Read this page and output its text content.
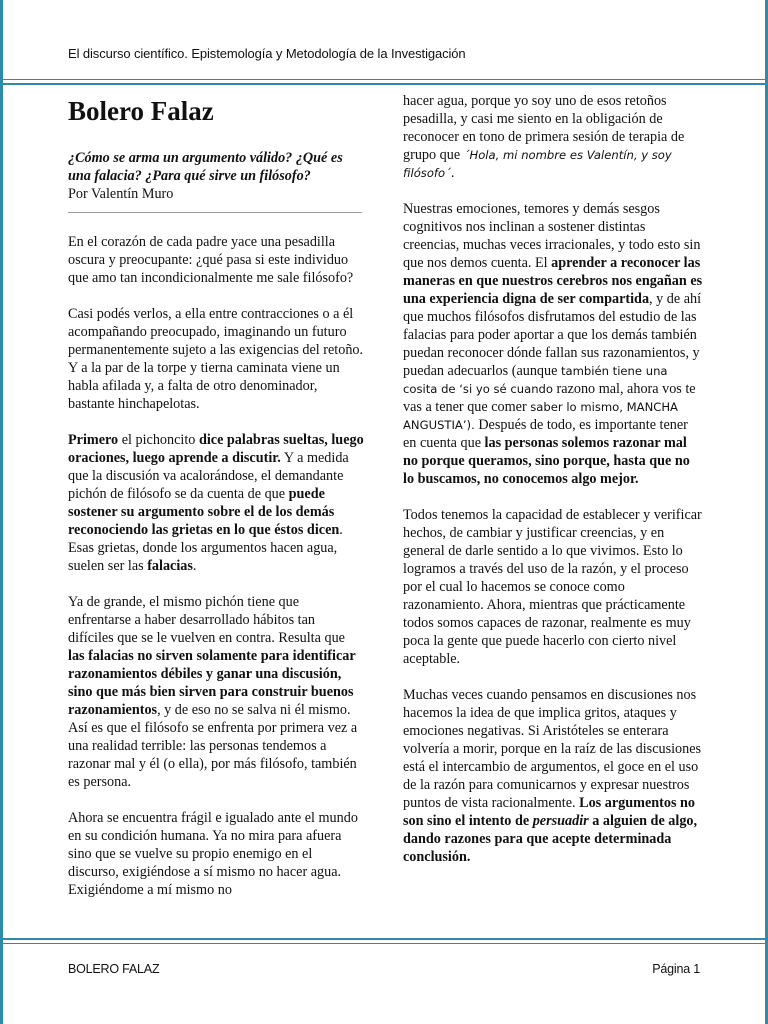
El discurso científico. Epistemología y Metodología de la Investigación
Bolero Falaz

¿Cómo se arma un argumento válido? ¿Qué es una falacia? ¿Para qué sirve un filósofo?

Por Valentín Muro

En el corazón de cada padre yace una pesadilla oscura y preocupante: ¿qué pasa si este individuo que amo tan incondicionalmente me sale filósofo?

Casi podés verlos, a ella entre contracciones o a él acompañando preocupado, imaginando un futuro permanentemente sujeto a las exigencias del retoño. Y a la par de la torpe y tierna caminata viene un habla afilada y, a falta de otro denominador, bastante hinchapelotas.

Primero el pichoncito dice palabras sueltas, luego oraciones, luego aprende a discutir. Y a medida que la discusión va acalorándose, el demandante pichón de filósofo se da cuenta de que puede sostener su argumento sobre el de los demás reconociendo las grietas en lo que éstos dicen. Esas grietas, donde los argumentos hacen agua, suelen ser las falacias.

Ya de grande, el mismo pichón tiene que enfrentarse a haber desarrollado hábitos tan difíciles que se le vuelven en contra. Resulta que las falacias no sirven solamente para identificar razonamientos débiles y ganar una discusión, sino que más bien sirven para construir buenos razonamientos, y de eso no se salva ni él mismo. Así es que el filósofo se enfrenta por primera vez a una realidad terrible: las personas tendemos a razonar mal y él (o ella), por más filósofo, también es persona.

Ahora se encuentra frágil e igualado ante el mundo en su condición humana. Ya no mira para afuera sino que se vuelve su propio enemigo en el discurso, exigiéndose a sí mismo no hacer agua. Exigiéndome a mí mismo no

hacer agua, porque yo soy uno de esos retoños pesadilla, y casi me siento en la obligación de reconocer en tono de primera sesión de terapia de grupo que ´Hola, mi nombre es Valentín, y soy filósofo´.

Nuestras emociones, temores y demás sesgos cognitivos nos inclinan a sostener distintas creencias, muchas veces irracionales, y todo esto sin que nos demos cuenta. El aprender a reconocer las maneras en que nuestros cerebros nos engañan es una experiencia digna de ser compartida, y de ahí que muchos filósofos disfrutamos del estudio de las falacias para poder aportar a que los demás también puedan reconocer dónde fallan sus razonamientos, y puedan adecuarlos (aunque también tiene una cosita de ‘si yo sé cuando razono mal, ahora vos te vas a tener que comer saber lo mismo, MANCHA ANGUSTIA’). Después de todo, es importante tener en cuenta que las personas solemos razonar mal no porque queramos, sino porque, hasta que no lo buscamos, no conocemos algo mejor.

Todos tenemos la capacidad de establecer y verificar hechos, de cambiar y justificar creencias, y en general de darle sentido a lo que vivimos. Esto lo logramos a través del uso de la razón, y el proceso por el cual lo hacemos se conoce como razonamiento. Ahora, mientras que prácticamente todos somos capaces de razonar, realmente es muy poca la gente que puede hacerlo con cierto nivel aceptable.

Muchas veces cuando pensamos en discusiones nos hacemos la idea de que implica gritos, ataques y emociones negativas. Si Aristóteles se enterara volvería a morir, porque en la raíz de las discusiones está el intercambio de argumentos, el goce en el uso de la razón para comunicarnos y expresar nuestros puntos de vista racionalmente. Los argumentos no son sino el intento de persuadir a alguien de algo, dando razones para que acepte determinada conclusión.

BOLERO FALAZ	Página 1
